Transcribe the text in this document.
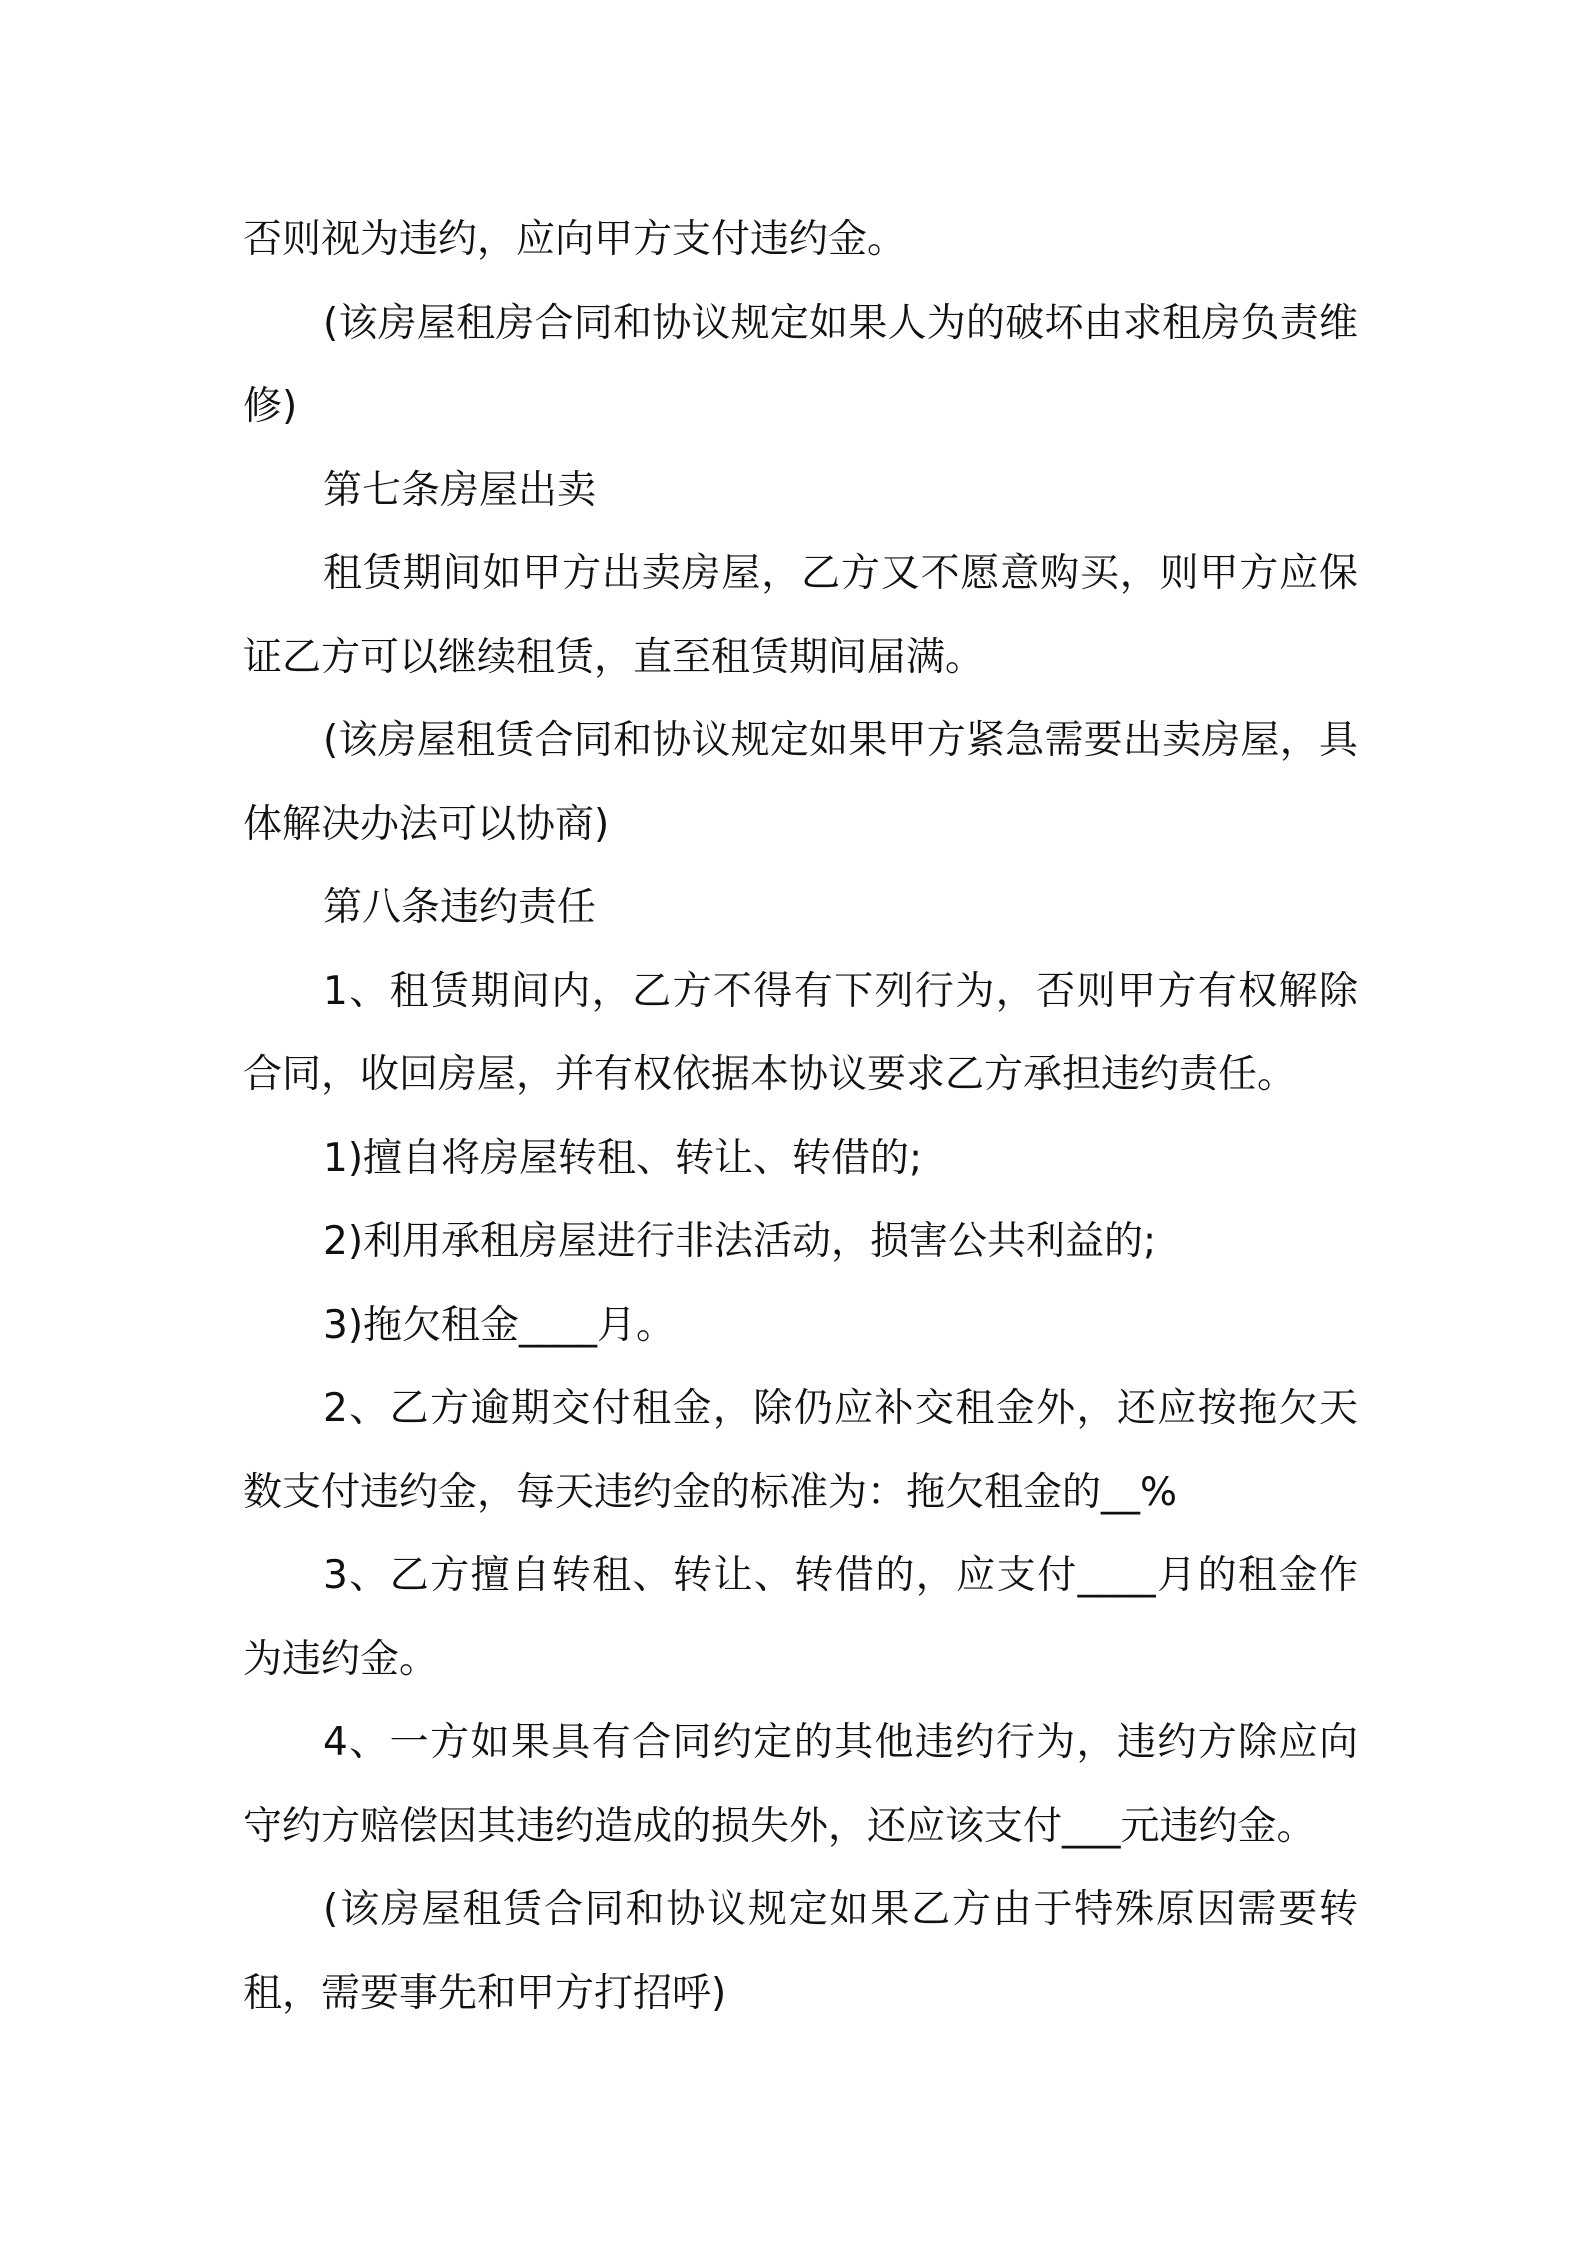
否则视为违约，应向甲方支付违约金。

(该房屋租房合同和协议规定如果人为的破坏由求租房负责维修)

第七条房屋出卖

租赁期间如甲方出卖房屋，乙方又不愿意购买，则甲方应保证乙方可以继续租赁，直至租赁期间届满。

(该房屋租赁合同和协议规定如果甲方紧急需要出卖房屋，具体解决办法可以协商)

第八条违约责任

1、租赁期间内，乙方不得有下列行为，否则甲方有权解除合同，收回房屋，并有权依据本协议要求乙方承担违约责任。

1)擅自将房屋转租、转让、转借的;

2)利用承租房屋进行非法活动，损害公共利益的;

3)拖欠租金____月。

2、乙方逾期交付租金，除仍应补交租金外，还应按拖欠天数支付违约金，每天违约金的标准为：拖欠租金的__%

3、乙方擅自转租、转让、转借的，应支付____月的租金作为违约金。

4、一方如果具有合同约定的其他违约行为，违约方除应向守约方赔偿因其违约造成的损失外，还应该支付___元违约金。

(该房屋租赁合同和协议规定如果乙方由于特殊原因需要转租，需要事先和甲方打招呼)
